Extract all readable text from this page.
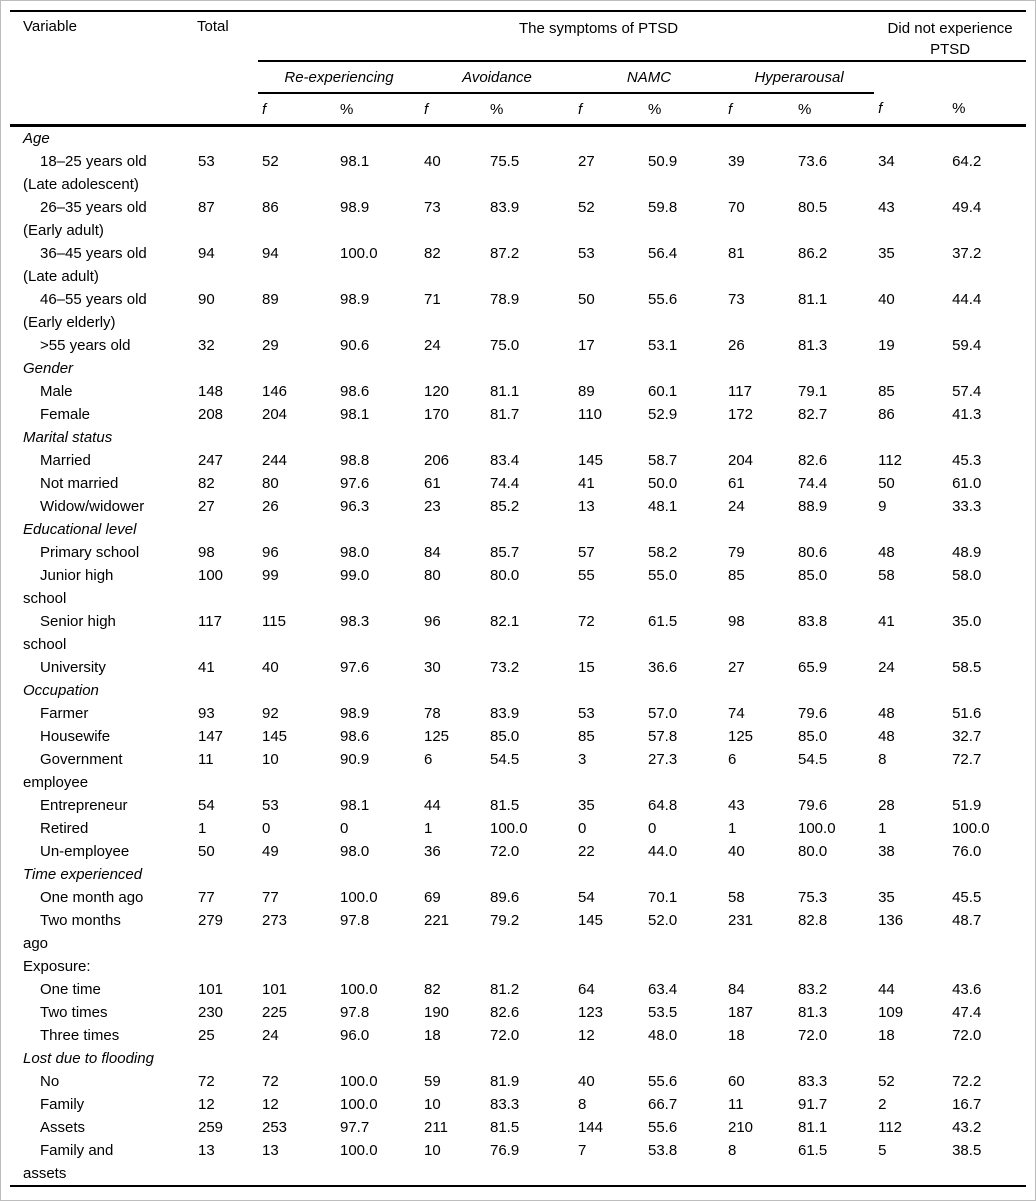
Variable	Total	The symptoms of PTSD								Did not experience PTSD	
		Re-experiencing		Avoidance		NAMC		Hyperarousal			
		f	%	f	%	f	%	f	%	f	%
Age											

18–25 years old
(Late adolescent)	53	52	98.1	40	75.5	27	50.9	39	73.6	34	64.2

26–35 years old
(Early adult)	87	86	98.9	73	83.9	52	59.8	70	80.5	43	49.4

36–45 years old
(Late adult)	94	94	100.0	82	87.2	53	56.4	81	86.2	35	37.2

46–55 years old
(Early elderly)	90	89	98.9	71	78.9	50	55.6	73	81.1	40	44.4

>55 years old	32	29	90.6	24	75.0	17	53.1	26	81.3	19	59.4
Gender											

Male	148	146	98.6	120	81.1	89	60.1	117	79.1	85	57.4

Female	208	204	98.1	170	81.7	110	52.9	172	82.7	86	41.3
Marital status											

Married	247	244	98.8	206	83.4	145	58.7	204	82.6	112	45.3

Not married	82	80	97.6	61	74.4	41	50.0	61	74.4	50	61.0

Widow/widower	27	26	96.3	23	85.2	13	48.1	24	88.9	9	33.3
Educational level											

Primary school	98	96	98.0	84	85.7	57	58.2	79	80.6	48	48.9

Junior high
school	100	99	99.0	80	80.0	55	55.0	85	85.0	58	58.0

Senior high
school	117	115	98.3	96	82.1	72	61.5	98	83.8	41	35.0

University	41	40	97.6	30	73.2	15	36.6	27	65.9	24	58.5
Occupation											

Farmer	93	92	98.9	78	83.9	53	57.0	74	79.6	48	51.6

Housewife	147	145	98.6	125	85.0	85	57.8	125	85.0	48	32.7

Government
employee	11	10	90.9	6	54.5	3	27.3	6	54.5	8	72.7

Entrepreneur	54	53	98.1	44	81.5	35	64.8	43	79.6	28	51.9

Retired	1	0	0	1	100.0	0	0	1	100.0	1	100.0

Un-employee	50	49	98.0	36	72.0	22	44.0	40	80.0	38	76.0
Time experienced											

One month ago	77	77	100.0	69	89.6	54	70.1	58	75.3	35	45.5

Two months
ago	279	273	97.8	221	79.2	145	52.0	231	82.8	136	48.7
Exposure:											

One time	101	101	100.0	82	81.2	64	63.4	84	83.2	44	43.6

Two times	230	225	97.8	190	82.6	123	53.5	187	81.3	109	47.4

Three times	25	24	96.0	18	72.0	12	48.0	18	72.0	18	72.0
Lost due to flooding											

No	72	72	100.0	59	81.9	40	55.6	60	83.3	52	72.2

Family	12	12	100.0	10	83.3	8	66.7	11	91.7	2	16.7

Assets	259	253	97.7	211	81.5	144	55.6	210	81.1	112	43.2

Family and
assets	13	13	100.0	10	76.9	7	53.8	8	61.5	5	38.5
